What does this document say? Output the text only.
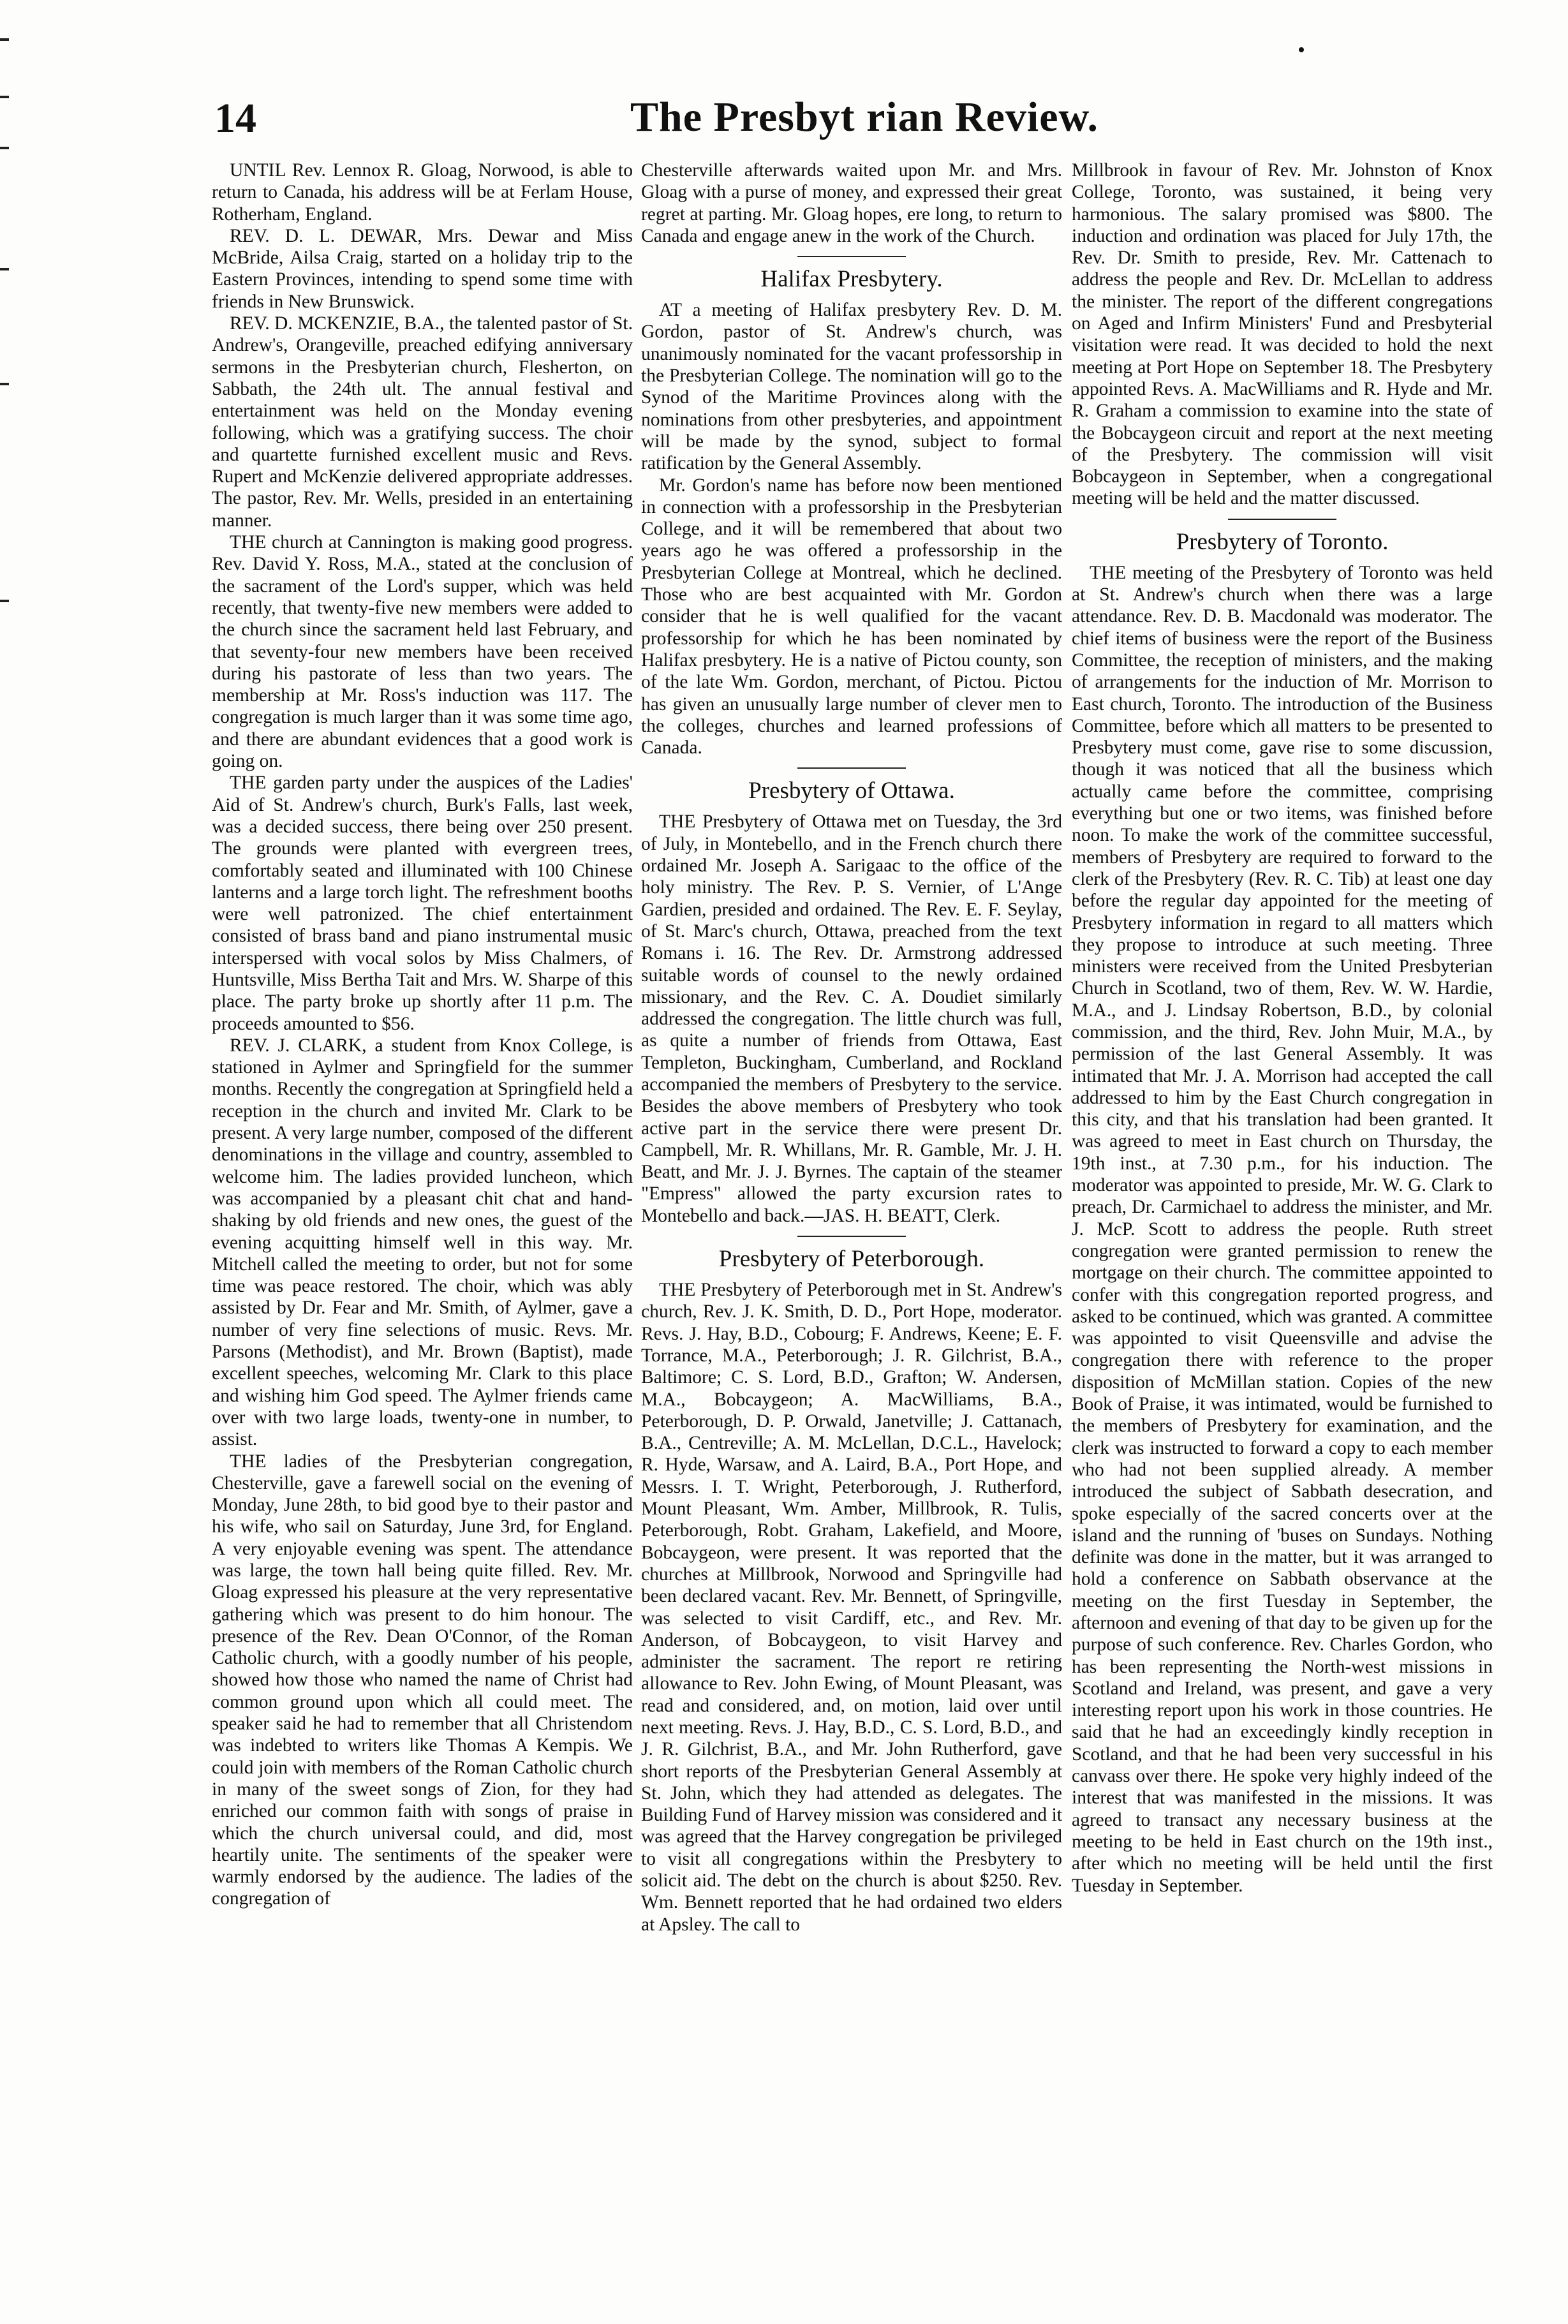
14	The Presbyt rian Review.

UNTIL Rev. Lennox R. Gloag, Norwood, is able to return to Canada, his address will be at Ferlam House, Rotherham, England.

REV. D. L. DEWAR, Mrs. Dewar and Miss McBride, Ailsa Craig, started on a holiday trip to the Eastern Provinces, intending to spend some time with friends in New Brunswick.

REV. D. MCKENZIE, B.A., the talented pastor of St. Andrew's, Orangeville, preached edifying anniversary sermons in the Presbyterian church, Flesherton, on Sabbath, the 24th ult. The annual festival and entertainment was held on the Monday evening following, which was a gratifying success. The choir and quartette furnished excellent music and Revs. Rupert and McKenzie delivered appropriate addresses. The pastor, Rev. Mr. Wells, presided in an entertaining manner.

THE church at Cannington is making good progress. Rev. David Y. Ross, M.A., stated at the conclusion of the sacrament of the Lord's supper, which was held recently, that twenty-five new members were added to the church since the sacrament held last February, and that seventy-four new members have been received during his pastorate of less than two years. The membership at Mr. Ross's induction was 117. The congregation is much larger than it was some time ago, and there are abundant evidences that a good work is going on.

THE garden party under the auspices of the Ladies' Aid of St. Andrew's church, Burk's Falls, last week, was a decided success, there being over 250 present. The grounds were planted with evergreen trees, comfortably seated and illuminated with 100 Chinese lanterns and a large torch light. The refreshment booths were well patronized. The chief entertainment consisted of brass band and piano instrumental music interspersed with vocal solos by Miss Chalmers, of Huntsville, Miss Bertha Tait and Mrs. W. Sharpe of this place. The party broke up shortly after 11 p.m. The proceeds amounted to $56.

REV. J. CLARK, a student from Knox College, is stationed in Aylmer and Springfield for the summer months. Recently the congregation at Springfield held a reception in the church and invited Mr. Clark to be present. A very large number, composed of the different denominations in the village and country, assembled to welcome him. The ladies provided luncheon, which was accompanied by a pleasant chit chat and hand-shaking by old friends and new ones, the guest of the evening acquitting himself well in this way. Mr. Mitchell called the meeting to order, but not for some time was peace restored. The choir, which was ably assisted by Dr. Fear and Mr. Smith, of Aylmer, gave a number of very fine selections of music. Revs. Mr. Parsons (Methodist), and Mr. Brown (Baptist), made excellent speeches, welcoming Mr. Clark to this place and wishing him God speed. The Aylmer friends came over with two large loads, twenty-one in number, to assist.

THE ladies of the Presbyterian congregation, Chesterville, gave a farewell social on the evening of Monday, June 28th, to bid good bye to their pastor and his wife, who sail on Saturday, June 3rd, for England. A very enjoyable evening was spent. The attendance was large, the town hall being quite filled. Rev. Mr. Gloag expressed his pleasure at the very representative gathering which was present to do him honour. The presence of the Rev. Dean O'Connor, of the Roman Catholic church, with a goodly number of his people, showed how those who named the name of Christ had common ground upon which all could meet. The speaker said he had to remember that all Christendom was indebted to writers like Thomas A Kempis. We could join with members of the Roman Catholic church in many of the sweet songs of Zion, for they had enriched our common faith with songs of praise in which the church universal could, and did, most heartily unite. The sentiments of the speaker were warmly endorsed by the audience. The ladies of the congregation of

Chesterville afterwards waited upon Mr. and Mrs. Gloag with a purse of money, and expressed their great regret at parting. Mr. Gloag hopes, ere long, to return to Canada and engage anew in the work of the Church.

Halifax Presbytery.

AT a meeting of Halifax presbytery Rev. D. M. Gordon, pastor of St. Andrew's church, was unanimously nominated for the vacant professorship in the Presbyterian College. The nomination will go to the Synod of the Maritime Provinces along with the nominations from other presbyteries, and appointment will be made by the synod, subject to formal ratification by the General Assembly.

Mr. Gordon's name has before now been mentioned in connection with a professorship in the Presbyterian College, and it will be remembered that about two years ago he was offered a professorship in the Presbyterian College at Montreal, which he declined. Those who are best acquainted with Mr. Gordon consider that he is well qualified for the vacant professorship for which he has been nominated by Halifax presbytery. He is a native of Pictou county, son of the late Wm. Gordon, merchant, of Pictou. Pictou has given an unusually large number of clever men to the colleges, churches and learned professions of Canada.

Presbytery of Ottawa.

THE Presbytery of Ottawa met on Tuesday, the 3rd of July, in Montebello, and in the French church there ordained Mr. Joseph A. Sarigaac to the office of the holy ministry. The Rev. P. S. Vernier, of L'Ange Gardien, presided and ordained. The Rev. E. F. Seylay, of St. Marc's church, Ottawa, preached from the text Romans i. 16. The Rev. Dr. Armstrong addressed suitable words of counsel to the newly ordained missionary, and the Rev. C. A. Doudiet similarly addressed the congregation. The little church was full, as quite a number of friends from Ottawa, East Templeton, Buckingham, Cumberland, and Rockland accompanied the members of Presbytery to the service. Besides the above members of Presbytery who took active part in the service there were present Dr. Campbell, Mr. R. Whillans, Mr. R. Gamble, Mr. J. H. Beatt, and Mr. J. J. Byrnes. The captain of the steamer "Empress" allowed the party excursion rates to Montebello and back.—JAS. H. BEATT, Clerk.

Presbytery of Peterborough.

THE Presbytery of Peterborough met in St. Andrew's church, Rev. J. K. Smith, D. D., Port Hope, moderator. Revs. J. Hay, B.D., Cobourg; F. Andrews, Keene; E. F. Torrance, M.A., Peterborough; J. R. Gilchrist, B.A., Baltimore; C. S. Lord, B.D., Grafton; W. Andersen, M.A., Bobcaygeon; A. MacWilliams, B.A., Peterborough, D. P. Orwald, Janetville; J. Cattanach, B.A., Centreville; A. M. McLellan, D.C.L., Havelock; R. Hyde, Warsaw, and A. Laird, B.A., Port Hope, and Messrs. I. T. Wright, Peterborough, J. Rutherford, Mount Pleasant, Wm. Amber, Millbrook, R. Tulis, Peterborough, Robt. Graham, Lakefield, and Moore, Bobcaygeon, were present. It was reported that the churches at Millbrook, Norwood and Springville had been declared vacant. Rev. Mr. Bennett, of Springville, was selected to visit Cardiff, etc., and Rev. Mr. Anderson, of Bobcaygeon, to visit Harvey and administer the sacrament. The report re retiring allowance to Rev. John Ewing, of Mount Pleasant, was read and considered, and, on motion, laid over until next meeting. Revs. J. Hay, B.D., C. S. Lord, B.D., and J. R. Gilchrist, B.A., and Mr. John Rutherford, gave short reports of the Presbyterian General Assembly at St. John, which they had attended as delegates. The Building Fund of Harvey mission was considered and it was agreed that the Harvey congregation be privileged to visit all congregations within the Presbytery to solicit aid. The debt on the church is about $250. Rev. Wm. Bennett reported that he had ordained two elders at Apsley. The call to

Millbrook in favour of Rev. Mr. Johnston of Knox College, Toronto, was sustained, it being very harmonious. The salary promised was $800. The induction and ordination was placed for July 17th, the Rev. Dr. Smith to preside, Rev. Mr. Cattenach to address the people and Rev. Dr. McLellan to address the minister. The report of the different congregations on Aged and Infirm Ministers' Fund and Presbyterial visitation were read. It was decided to hold the next meeting at Port Hope on September 18. The Presbytery appointed Revs. A. MacWilliams and R. Hyde and Mr. R. Graham a commission to examine into the state of the Bobcaygeon circuit and report at the next meeting of the Presbytery. The commission will visit Bobcaygeon in September, when a congregational meeting will be held and the matter discussed.

Presbytery of Toronto.

THE meeting of the Presbytery of Toronto was held at St. Andrew's church when there was a large attendance. Rev. D. B. Macdonald was moderator. The chief items of business were the report of the Business Committee, the reception of ministers, and the making of arrangements for the induction of Mr. Morrison to East church, Toronto. The introduction of the Business Committee, before which all matters to be presented to Presbytery must come, gave rise to some discussion, though it was noticed that all the business which actually came before the committee, comprising everything but one or two items, was finished before noon. To make the work of the committee successful, members of Presbytery are required to forward to the clerk of the Presbytery (Rev. R. C. Tib) at least one day before the regular day appointed for the meeting of Presbytery information in regard to all matters which they propose to introduce at such meeting. Three ministers were received from the United Presbyterian Church in Scotland, two of them, Rev. W. W. Hardie, M.A., and J. Lindsay Robertson, B.D., by colonial commission, and the third, Rev. John Muir, M.A., by permission of the last General Assembly. It was intimated that Mr. J. A. Morrison had accepted the call addressed to him by the East Church congregation in this city, and that his translation had been granted. It was agreed to meet in East church on Thursday, the 19th inst., at 7.30 p.m., for his induction. The moderator was appointed to preside, Mr. W. G. Clark to preach, Dr. Carmichael to address the minister, and Mr. J. McP. Scott to address the people. Ruth street congregation were granted permission to renew the mortgage on their church. The committee appointed to confer with this congregation reported progress, and asked to be continued, which was granted. A committee was appointed to visit Queensville and advise the congregation there with reference to the proper disposition of McMillan station. Copies of the new Book of Praise, it was intimated, would be furnished to the members of Presbytery for examination, and the clerk was instructed to forward a copy to each member who had not been supplied already. A member introduced the subject of Sabbath desecration, and spoke especially of the sacred concerts over at the island and the running of 'buses on Sundays. Nothing definite was done in the matter, but it was arranged to hold a conference on Sabbath observance at the meeting on the first Tuesday in September, the afternoon and evening of that day to be given up for the purpose of such conference. Rev. Charles Gordon, who has been representing the North-west missions in Scotland and Ireland, was present, and gave a very interesting report upon his work in those countries. He said that he had an exceedingly kindly reception in Scotland, and that he had been very successful in his canvass over there. He spoke very highly indeed of the interest that was manifested in the missions. It was agreed to transact any necessary business at the meeting to be held in East church on the 19th inst., after which no meeting will be held until the first Tuesday in September.
